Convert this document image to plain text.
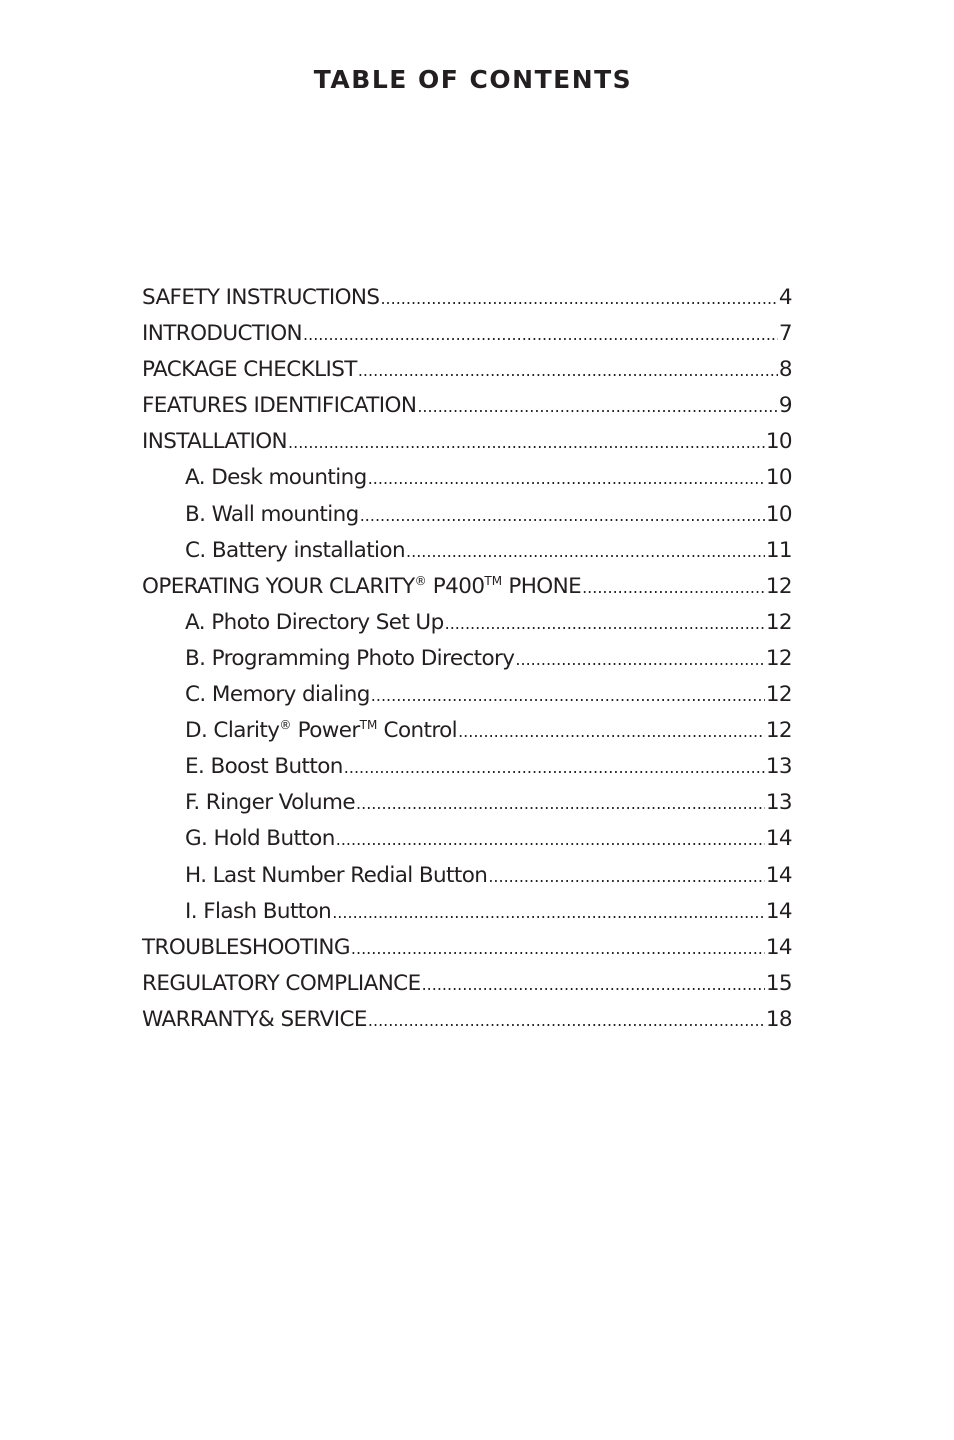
TABLE OF CONTENTS
SAFETY INSTRUCTIONS .....	4
INTRODUCTION .....	7
PACKAGE CHECKLIST .....	8
FEATURES IDENTIFICATION .....	9
INSTALLATION .....	10
A. Desk mounting .....	10
B. Wall mounting .....	10
C. Battery installation .....	11
OPERATING YOUR CLARITY® P400™ PHONE .....	12
A. Photo Directory Set Up .....	12
B. Programming Photo Directory .....	12
C. Memory dialing .....	12
D. Clarity® Power™ Control .....	12
E. Boost Button .....	13
F. Ringer Volume .....	13
G. Hold Button .....	14
H. Last Number Redial Button .....	14
I. Flash Button .....	14
TROUBLESHOOTING .....	14
REGULATORY COMPLIANCE .....	15
WARRANTY& SERVICE .....	18
